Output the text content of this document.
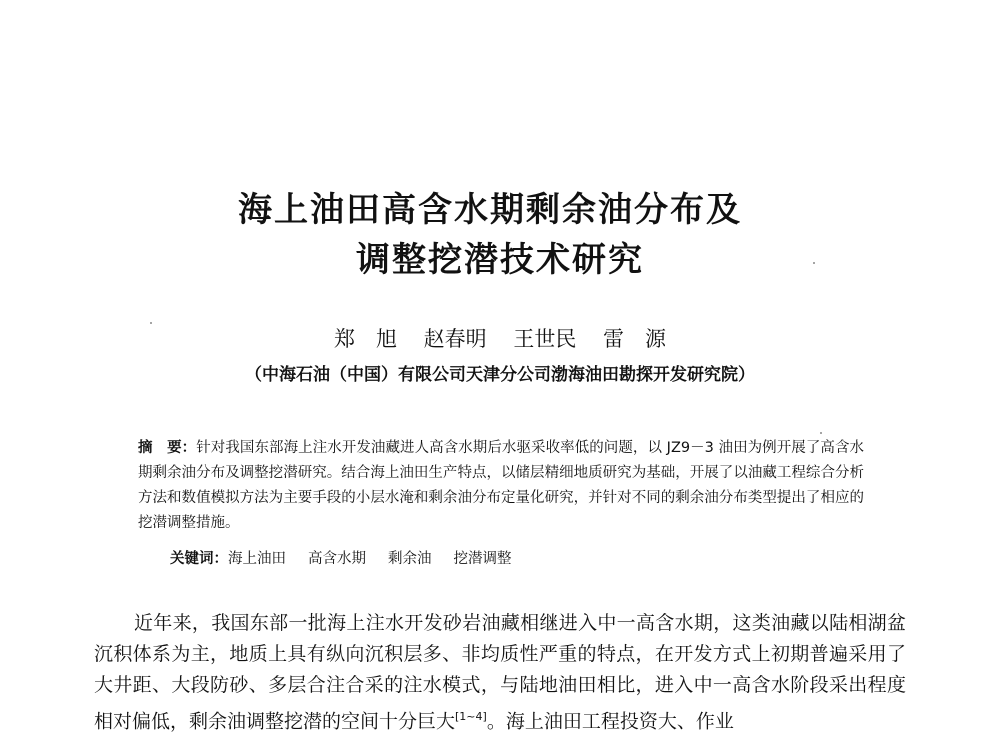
海上油田高含水期剩余油分布及
调整挖潜技术研究
郑　旭 赵春明 王世民 雷　源
（中海石油（中国）有限公司天津分公司渤海油田勘探开发研究院）
摘　要：针对我国东部海上注水开发油藏进人高含水期后水驱采收率低的问题，以 JZ9－3 油田为例开展了高含水期剩余油分布及调整挖潜研究。结合海上油田生产特点，以储层精细地质研究为基础，开展了以油藏工程综合分析方法和数值模拟方法为主要手段的小层水淹和剩余油分布定量化研究，并针对不同的剩余油分布类型提出了相应的挖潜调整措施。
关键词：海上油田 高含水期 剩余油 挖潜调整
近年来，我国东部一批海上注水开发砂岩油藏相继进入中一高含水期，这类油藏以陆相湖盆沉积体系为主，地质上具有纵向沉积层多、非均质性严重的特点，在开发方式上初期普遍采用了大井距、大段防砂、多层合注合采的注水模式，与陆地油田相比，进入中一高含水阶段采出程度相对偏低，剩余油调整挖潜的空间十分巨大[1~4]。海上油田工程投资大、作业
